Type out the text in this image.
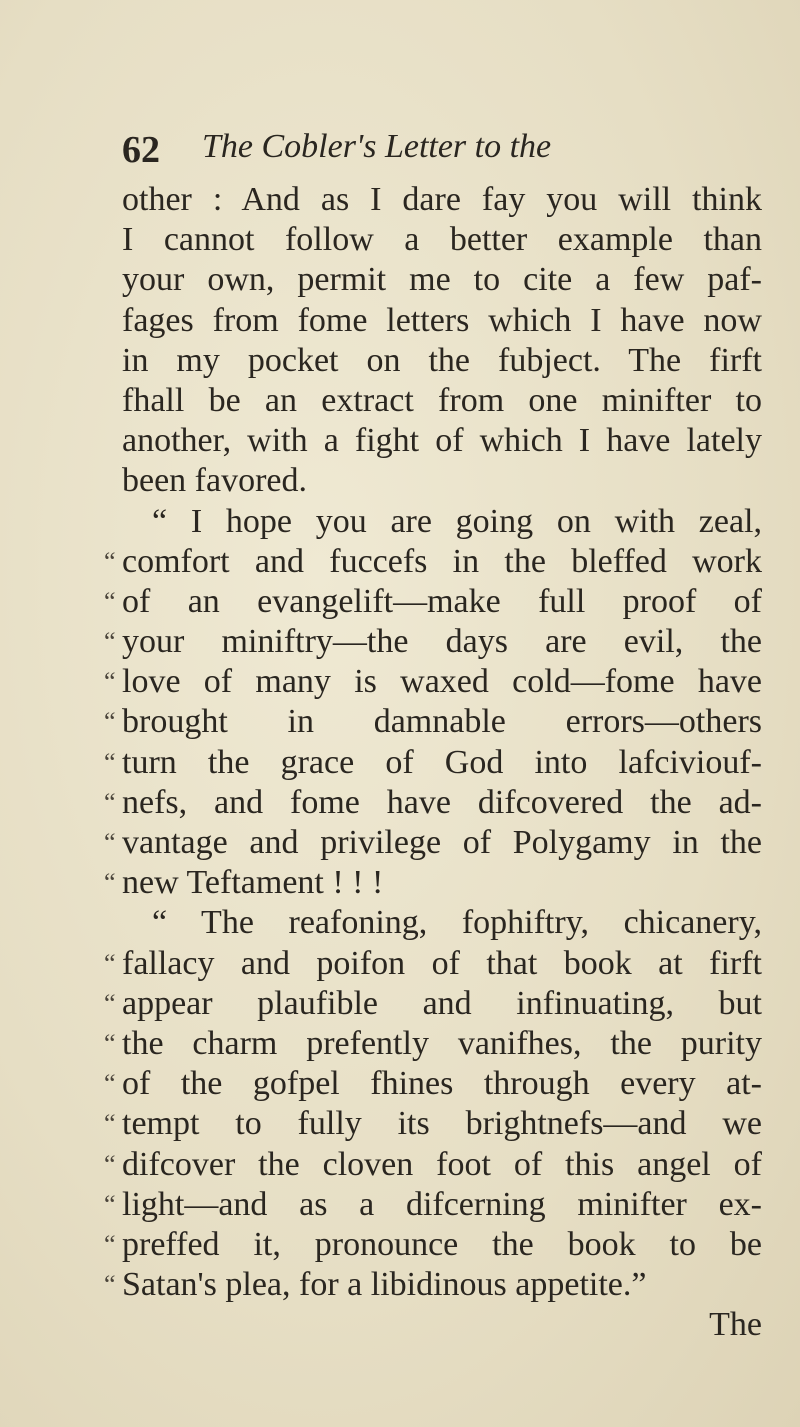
62 The Cobler's Letter to the
other : And as I dare fay you will think
I cannot follow a better example than
your own, permit me to cite a few paf-
fages from fome letters which I have now
in my pocket on the fubject. The firft
fhall be an extract from one minifter to
another, with a fight of which I have lately
been favored.
“ I hope you are going on with zeal,
“ comfort and fuccefs in the bleffed work
“ of an evangelift—make full proof of
“ your miniftry—the days are evil, the
“ love of many is waxed cold—fome have
“ brought in damnable errors—others
“ turn the grace of God into lafciviouf-
“ nefs, and fome have difcovered the ad-
“ vantage and privilege of Polygamy in the
“ new Teftament ! ! !
“ The reafoning, fophiftry, chicanery,
“ fallacy and poifon of that book at firft
“ appear plaufible and infinuating, but
“ the charm prefently vanifhes, the purity
“ of the gofpel fhines through every at-
“ tempt to fully its brightnefs—and we
“ difcover the cloven foot of this angel of
“ light—and as a difcerning minifter ex-
“ preffed it, pronounce the book to be
“ Satan's plea, for a libidinous appetite.”
The
